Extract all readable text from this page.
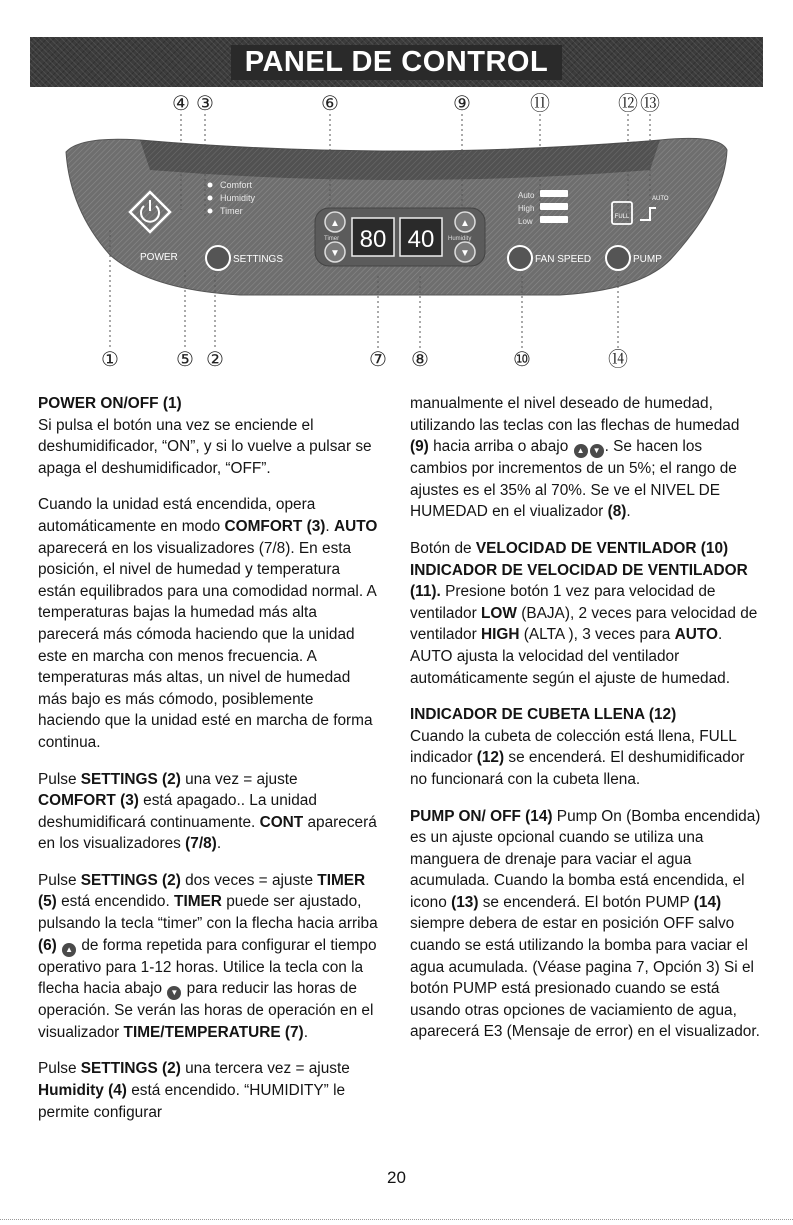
PANEL DE CONTROL
④ ③	⑥	⑨	⑪	⑫ ⑬
①	⑤ ②	⑦ ⑧	⑩	⑭
POWER
Comfort
Humidity
Timer
SETTINGS
▲
▼
▲
▼
Timer	Humidity
80 40
Auto
High
Low
FAN SPEED
FULL
AUTO
PUMP
POWER ON/OFF (1)
Si pulsa el botón una vez se enciende el deshumidificador, “ON”, y si lo vuelve a pulsar se apaga el deshumidificador, “OFF”.
Cuando la unidad está encendida, opera automáticamente en modo COMFORT (3). AUTO aparecerá en los visualizadores (7/8). En esta posición, el nivel de humedad y temperatura están equilibrados para una comodidad normal. A temperaturas bajas la humedad más alta parecerá más cómoda haciendo que la unidad este en marcha con menos frecuencia. A temperaturas más altas, un nivel de humedad más bajo es más cómodo, posiblemente haciendo que la unidad esté en marcha de forma continua.
Pulse SETTINGS (2) una vez = ajuste COMFORT (3) está apagado.. La unidad deshumidificará continuamente. CONT aparecerá en los visualizadores (7/8).
Pulse SETTINGS (2) dos veces = ajuste TIMER (5) está encendido. TIMER puede ser ajustado, pulsando la tecla “timer” con la flecha hacia arriba (6) ▲ de forma repetida para configurar el tiempo operativo para 1-12 horas. Utilice la tecla con la flecha hacia abajo ▼ para reducir las horas de operación. Se verán las horas de operación en el visualizador TIME/TEMPERATURE (7).
Pulse SETTINGS (2) una tercera vez = ajuste Humidity (4) está encendido. “HUMIDITY” le permite configurar
manualmente el nivel deseado de humedad, utilizando las teclas con las flechas de humedad (9) hacia arriba o abajo ▲ ▼ . Se hacen los cambios por incrementos de un 5%; el rango de ajustes es el 35% al 70%. Se ve el NIVEL DE HUMEDAD en el viualizador (8).
Botón de VELOCIDAD DE VENTILADOR (10) INDICADOR DE VELOCIDAD DE VENTILADOR (11). Presione botón 1 vez para velocidad de ventilador LOW (BAJA), 2 veces para velocidad de ventilador HIGH (ALTA ), 3 veces para AUTO. AUTO ajusta la velocidad del ventilador automáticamente según el ajuste de humedad.
INDICADOR DE CUBETA LLENA (12)
Cuando la cubeta de colección está llena, FULL indicador (12) se encenderá. El deshumidificador no funcionará con la cubeta llena.
PUMP ON/ OFF (14) Pump On (Bomba encendida) es un ajuste opcional cuando se utiliza una manguera de drenaje para vaciar el agua acumulada. Cuando la bomba está encendida, el icono (13) se encenderá. El botón PUMP (14) siempre debera de estar en posición OFF salvo cuando se está utilizando la bomba para vaciar el agua acumulada. (Véase pagina 7, Opción 3) Si el botón PUMP está presionado cuando se está usando otras opciones de vaciamiento de agua, aparecerá E3 (Mensaje de error) en el visualizador.
20
